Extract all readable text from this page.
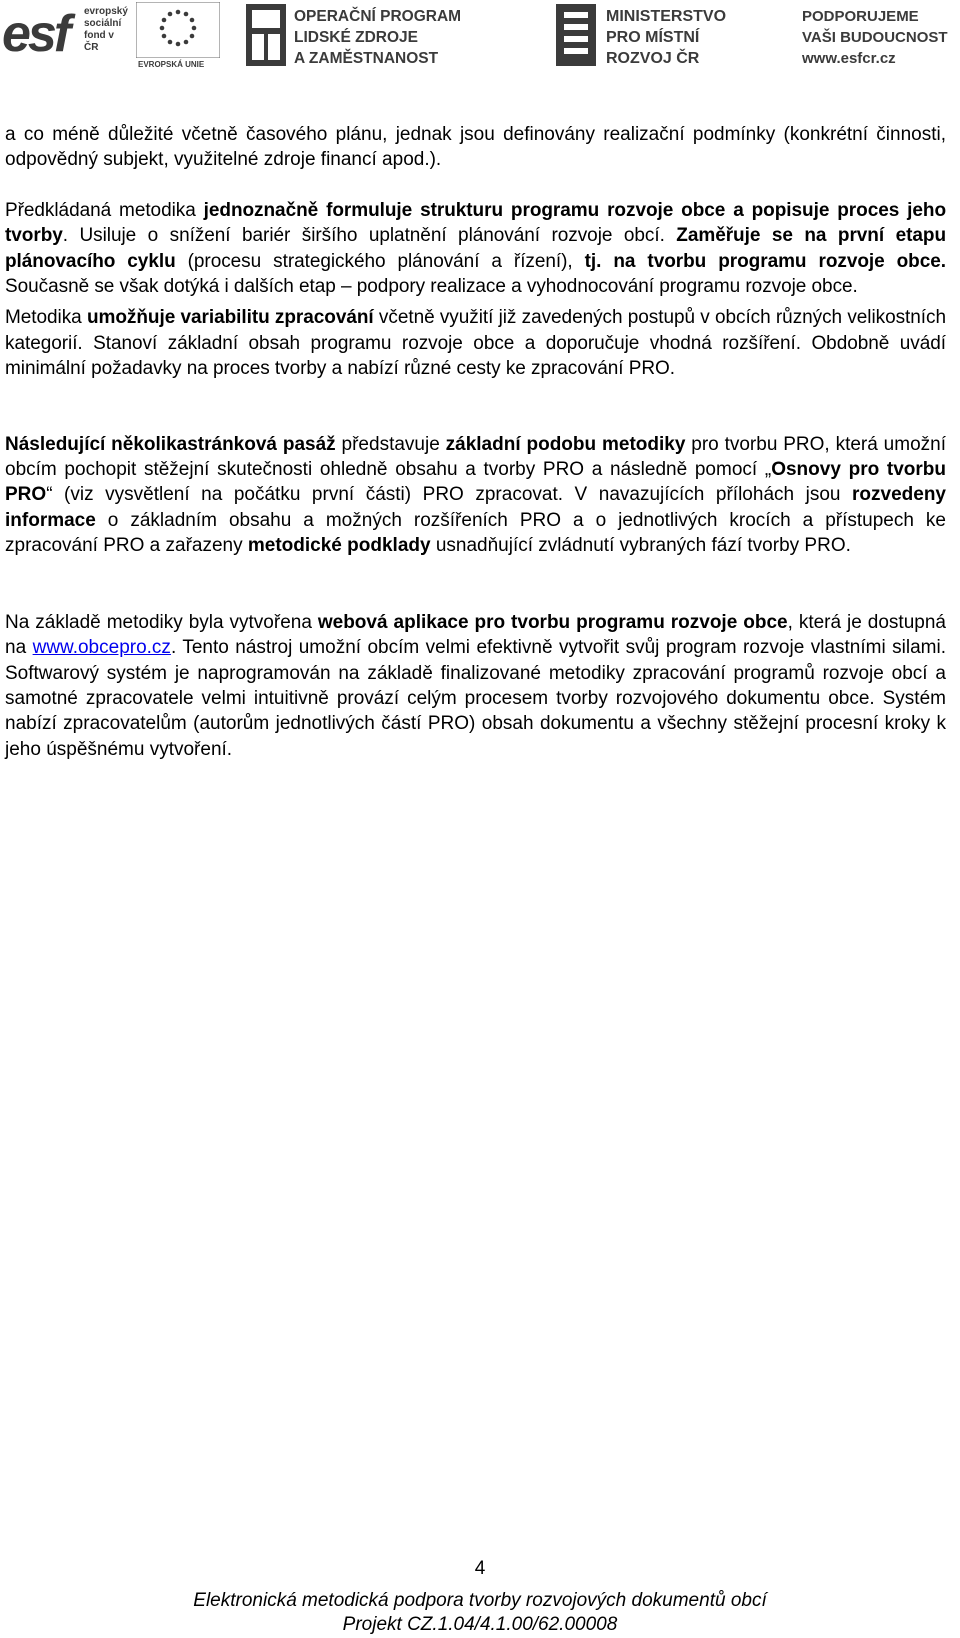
esf evropský
sociální
fond v ČR
EVROPSKÁ UNIE
OPERAČNÍ PROGRAM
LIDSKÉ ZDROJE
A ZAMĚSTNANOST
MINISTERSTVO
PRO MÍSTNÍ
ROZVOJ ČR
PODPORUJEME
VAŠI BUDOUCNOST
www.esfcr.cz

a co méně důležité včetně časového plánu, jednak jsou definovány realizační podmínky (konkrétní činnosti, odpovědný subjekt, využitelné zdroje financí apod.).

Předkládaná metodika jednoznačně formuluje strukturu programu rozvoje obce a popisuje proces jeho tvorby. Usiluje o snížení bariér širšího uplatnění plánování rozvoje obcí. Zaměřuje se na první etapu plánovacího cyklu (procesu strategického plánování a řízení), tj. na tvorbu programu rozvoje obce. Současně se však dotýká i dalších etap – podpory realizace a vyhodnocování programu rozvoje obce.

Metodika umožňuje variabilitu zpracování včetně využití již zavedených postupů v obcích různých velikostních kategorií. Stanoví základní obsah programu rozvoje obce a doporučuje vhodná rozšíření. Obdobně uvádí minimální požadavky na proces tvorby a nabízí různé cesty ke zpracování PRO.

Následující několikastránková pasáž představuje základní podobu metodiky pro tvorbu PRO, která umožní obcím pochopit stěžejní skutečnosti ohledně obsahu a tvorby PRO a následně pomocí „Osnovy pro tvorbu PRO“ (viz vysvětlení na počátku první části) PRO zpracovat. V navazujících přílohách jsou rozvedeny informace o základním obsahu a možných rozšířeních PRO a o jednotlivých krocích a přístupech ke zpracování PRO a zařazeny metodické podklady usnadňující zvládnutí vybraných fází tvorby PRO.

Na základě metodiky byla vytvořena webová aplikace pro tvorbu programu rozvoje obce, která je dostupná na www.obcepro.cz. Tento nástroj umožní obcím velmi efektivně vytvořit svůj program rozvoje vlastními silami. Softwarový systém je naprogramován na základě finalizované metodiky zpracování programů rozvoje obcí a samotné zpracovatele velmi intuitivně provází celým procesem tvorby rozvojového dokumentu obce. Systém nabízí zpracovatelům (autorům jednotlivých částí PRO) obsah dokumentu a všechny stěžejní procesní kroky k jeho úspěšnému vytvoření.

4
Elektronická metodická podpora tvorby rozvojových dokumentů obcí
Projekt CZ.1.04/4.1.00/62.00008
